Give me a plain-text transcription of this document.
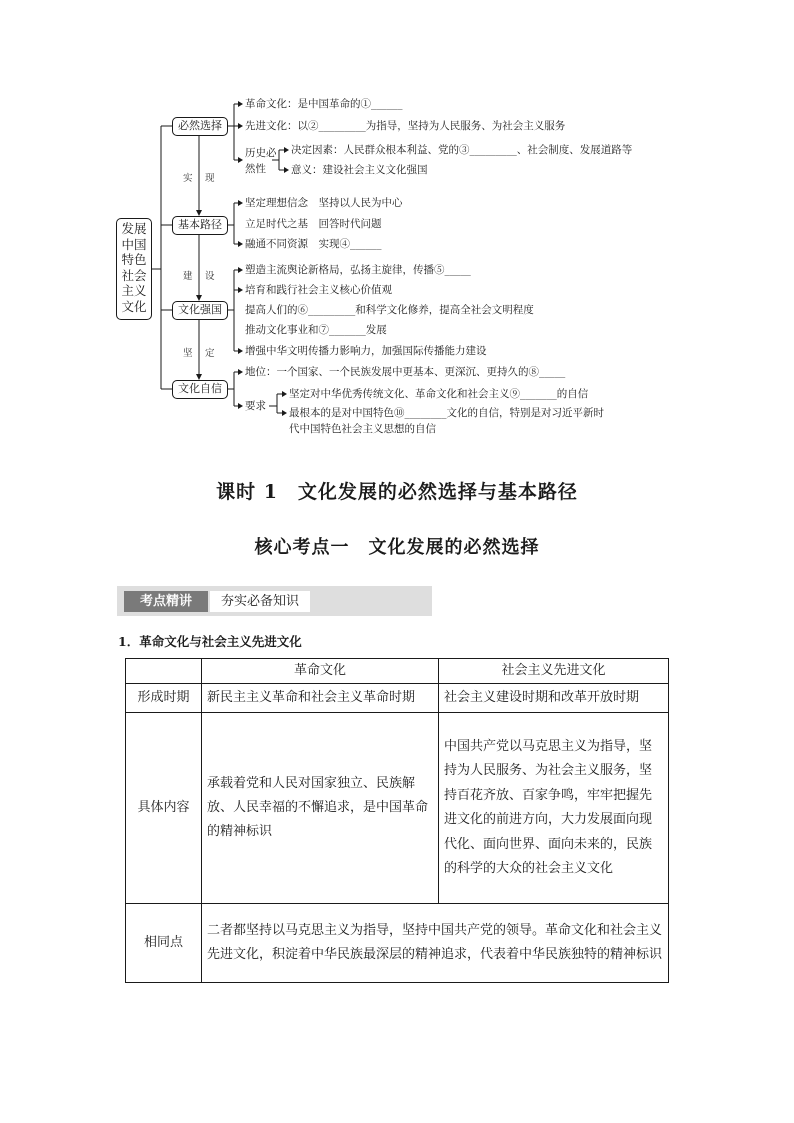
发展
中国
特色
社会
主义
文化
必然选择
基本路径
文化强国
文化自信
实 现
建 设
坚 定
革命文化：是中国革命的①______
先进文化：以②_________为指导，坚持为人民服务、为社会主义服务
历史必
然性
决定因素：人民群众根本利益、党的③_________、社会制度、发展道路等
意义：建设社会主义文化强国
坚定理想信念　坚持以人民为中心
立足时代之基　回答时代问题
融通不同资源　实现④______
塑造主流舆论新格局，弘扬主旋律，传播⑤_____
培育和践行社会主义核心价值观
提高人们的⑥_________和科学文化修养，提高全社会文明程度
推动文化事业和⑦_______发展
增强中华文明传播力影响力，加强国际传播能力建设
地位：一个国家、一个民族发展中更基本、更深沉、更持久的⑧_____
要求
坚定对中华优秀传统文化、革命文化和社会主义⑨_______的自信
最根本的是对中国特色⑩________文化的自信，特别是对习近平新时
代中国特色社会主义思想的自信
课时 1　文化发展的必然选择与基本路径
核心考点一　文化发展的必然选择
考点精讲	夯实必备知识
1．革命文化与社会主义先进文化
	革命文化	社会主义先进文化
形成时期	新民主主义革命和社会主义革命时期	社会主义建设时期和改革开放时期
具体内容	承载着党和人民对国家独立、民族解放、人民幸福的不懈追求，是中国革命的精神标识	中国共产党以马克思主义为指导，坚持为人民服务、为社会主义服务，坚持百花齐放、百家争鸣，牢牢把握先进文化的前进方向，大力发展面向现代化、面向世界、面向未来的，民族的科学的大众的社会主义文化
相同点	二者都坚持以马克思主义为指导，坚持中国共产党的领导。革命文化和社会主义先进文化，积淀着中华民族最深层的精神追求，代表着中华民族独特的精神标识	
